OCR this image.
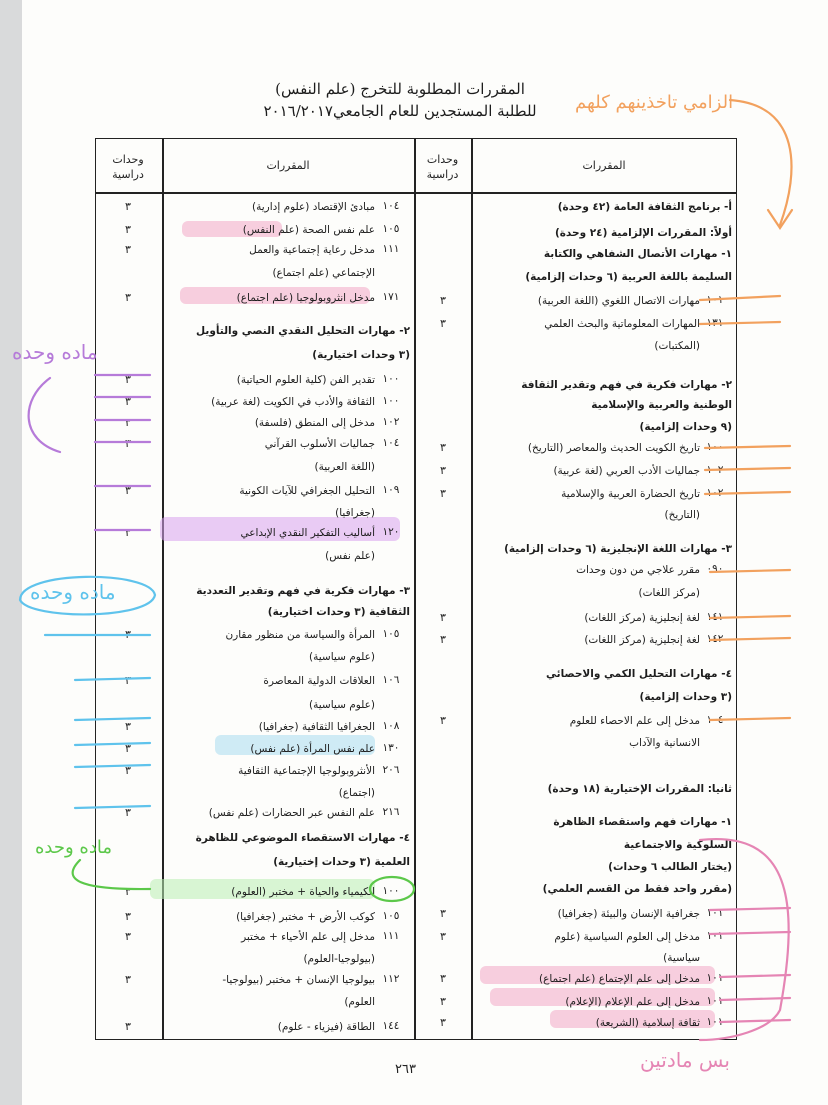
المقررات المطلوبة للتخرج (علم النفس)
للطلبة المستجدين للعام الجامعي٢٠١٦/٢٠١٧
وحدات دراسية
المقررات	وحدات دراسية
المقررات
أ- برنامج الثقافة العامة (٤٢ وحدة)
أولاً: المقررات الإلزامية (٢٤ وحدة)
١- مهارات الأتصال الشفاهي والكتابة
السليمة باللغة العربية (٦ وحدات إلزامية)
١٠١
مهارات الاتصال اللغوي (اللغة العربية)
٣
١٣١
المهارات المعلوماتية والبحث العلمي
٣
(المكتبات)
٢- مهارات فكرية في فهم وتقدير الثقافة
الوطنية والعربية والإسلامية
(٩ وحدات إلزامية)
١٠٠
تاريخ الكويت الحديث والمعاصر (التاريخ)
٣
١٠٢
جماليات الأدب العربي (لغة عربية)
٣
١٠٢
تاريخ الحضارة العربية والإسلامية
٣
(التاريخ)
٣- مهارات اللغة الإنجليزية (٦ وحدات إلزامية)
٠٩٠
مقرر علاجي من دون وحدات
(مركز اللغات)
١٤١
لغة إنجليزية (مركز اللغات)
٣
١٤٢
لغة إنجليزية (مركز اللغات)
٣
٤- مهارات التحليل الكمي والاحصائي
(٣ وحدات إلزامية)
١٠٤
مدخل إلى علم الاحصاء للعلوم
٣
الانسانية والآداب
ثانيا: المقررات الإختيارية (١٨ وحدة)
١- مهارات فهم واستقصاء الظاهرة
السلوكية والاجتماعية
(يختار الطالب ٦ وحدات)
(مقرر واحد فقط من القسم العلمي)
١٠١
جغرافية الإنسان والبيئة (جغرافيا)
٣
١٠١
مدخل إلى العلوم السياسية (علوم
٣
سياسية)
١٠١
مدخل إلى علم الإجتماع (علم اجتماع)
٣
١٠١
مدخل إلى علم الإعلام (الإعلام)
٣
١٠١
ثقافة إسلامية (الشريعة)
٣
١٠٤
مبادئ الإقتصاد (علوم إدارية)
٣
١٠٥
علم نفس الصحة (علم النفس)
٣
١١١
مدخل رعاية إجتماعية والعمل
٣
الإجتماعي (علم اجتماع)
١٧١
مدخل انثروبولوجيا (علم اجتماع)
٣
٢- مهارات التحليل النقدي النصي والتأويل
(٣ وحدات اختيارية)
١٠٠
تقدير الفن (كلية العلوم الحياتية)
٣
١٠٠
الثقافة والأدب في الكويت (لغة عربية)
٣
١٠٢
مدخل إلى المنطق (فلسفة)
٣
١٠٤
جماليات الأسلوب القرآني
٣
(اللغة العربية)
١٠٩
التحليل الجغرافي للآيات الكونية
٣
(جغرافيا)
١٢٠
أساليب التفكير النقدي الإبداعي
٣
(علم نفس)
٣- مهارات فكرية في فهم وتقدير التعددية
الثقافية (٣ وحدات اختيارية)
١٠٥
المرأة والسياسة من منظور مقارن
٣
(علوم سياسية)
١٠٦
العلاقات الدولية المعاصرة
٣
(علوم سياسية)
١٠٨
الجغرافيا الثقافية (جغرافيا)
٣
١٣٠
علم نفس المرأة (علم نفس)
٣
٢٠٦
الأنثروبولوجيا الإجتماعية الثقافية
٣
(اجتماع)
٢١٦
علم النفس عبر الحضارات (علم نفس)
٣
٤- مهارات الاستقصاء الموضوعي للظاهرة
العلمية (٣ وحدات إختيارية)
١٠٠
الكيمياء والحياة + مختبر (العلوم)
٣
١٠٥
كوكب الأرض + مختبر (جغرافيا)
٣
١١١
مدخل إلى علم الأحياء + مختبر
٣
(بيولوجيا-العلوم)
١١٢
بيولوجيا الإنسان + مختبر (بيولوجيا-
٣
العلوم)
١٤٤
الطاقة (فيزياء - علوم)
٣
الزامي تاخذينهم كلهم
ماده وحده
ماده وحده
ماده وحده
بس مادتين
٢٦٣
